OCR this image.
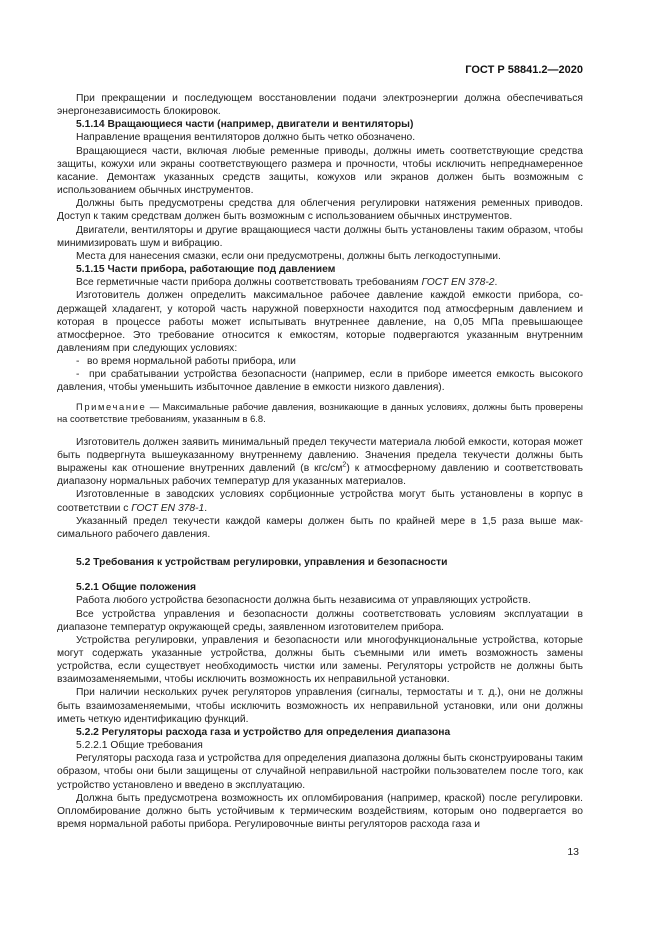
ГОСТ Р 58841.2—2020

При прекращении и последующем восстановлении подачи электроэнергии должна обеспечиваться энергонезависимость блокировок.

5.1.14 Вращающиеся части (например, двигатели и вентиляторы)

Направление вращения вентиляторов должно быть четко обозначено.

Вращающиеся части, включая любые ременные приводы, должны иметь соответствующие средства защиты, кожухи или экраны соответствующего размера и прочности, чтобы исключить непреднамеренное касание. Демонтаж указанных средств защиты, кожухов или экранов должен быть возможным с использованием обычных инструментов.

Должны быть предусмотрены средства для облегчения регулировки натяжения ременных приводов. Доступ к таким средствам должен быть возможным с использованием обычных инструментов.

Двигатели, вентиляторы и другие вращающиеся части должны быть установлены таким образом, чтобы минимизировать шум и вибрацию.

Места для нанесения смазки, если они предусмотрены, должны быть легкодоступными.

5.1.15 Части прибора, работающие под давлением

Все герметичные части прибора должны соответствовать требованиям ГОСТ EN 378-2.

Изготовитель должен определить максимальное рабочее давление каждой емкости прибора, содержащей хладагент, у которой часть наружной поверхности находится под атмосферным давлением и которая в процессе работы может испытывать внутреннее давление, на 0,05 МПа превышающее атмосферное. Это требование относится к емкостям, которые подвергаются указанным внутренним давлениям при следующих условиях:

- во время нормальной работы прибора, или

-  при срабатывании устройства безопасности (например, если в приборе имеется емкость высокого давления, чтобы уменьшить избыточное давление в емкости низкого давления).

Примечание — Максимальные рабочие давления, возникающие в данных условиях, должны быть проверены на соответствие требованиям, указанным в 6.8.

Изготовитель должен заявить минимальный предел текучести материала любой емкости, которая может быть подвергнута вышеуказанному внутреннему давлению. Значения предела текучести должны быть выражены как отношение внутренних давлений (в кгс/$см^2$) к атмосферному давлению и соответствовать диапазону нормальных рабочих температур для указанных материалов.

Изготовленные в заводских условиях сорбционные устройства могут быть установлены в корпус в соответствии с ГОСТ EN 378-1.

Указанный предел текучести каждой камеры должен быть по крайней мере в 1,5 раза выше максимального рабочего давления.

5.2 Требования к устройствам регулировки, управления и безопасности

5.2.1 Общие положения

Работа любого устройства безопасности должна быть независима от управляющих устройств.

Все устройства управления и безопасности должны соответствовать условиям эксплуатации в диапазоне температур окружающей среды, заявленном изготовителем прибора.

Устройства регулировки, управления и безопасности или многофункциональные устройства, которые могут содержать указанные устройства, должны быть съемными или иметь возможность замены устройства, если существует необходимость чистки или замены. Регуляторы устройств не должны быть взаимозаменяемыми, чтобы исключить возможность их неправильной установки.

При наличии нескольких ручек регуляторов управления (сигналы, термостаты и т. д.), они не должны быть взаимозаменяемыми, чтобы исключить возможность их неправильной установки, или они должны иметь четкую идентификацию функций.

5.2.2 Регуляторы расхода газа и устройство для определения диапазона

5.2.2.1 Общие требования

Регуляторы расхода газа и устройства для определения диапазона должны быть сконструированы таким образом, чтобы они были защищены от случайной неправильной настройки пользователем после того, как устройство установлено и введено в эксплуатацию.

Должна быть предусмотрена возможность их опломбирования (например, краской) после регулировки. Опломбирование должно быть устойчивым к термическим воздействиям, которым оно подвергается во время нормальной работы прибора. Регулировочные винты регуляторов расхода газа и

13
